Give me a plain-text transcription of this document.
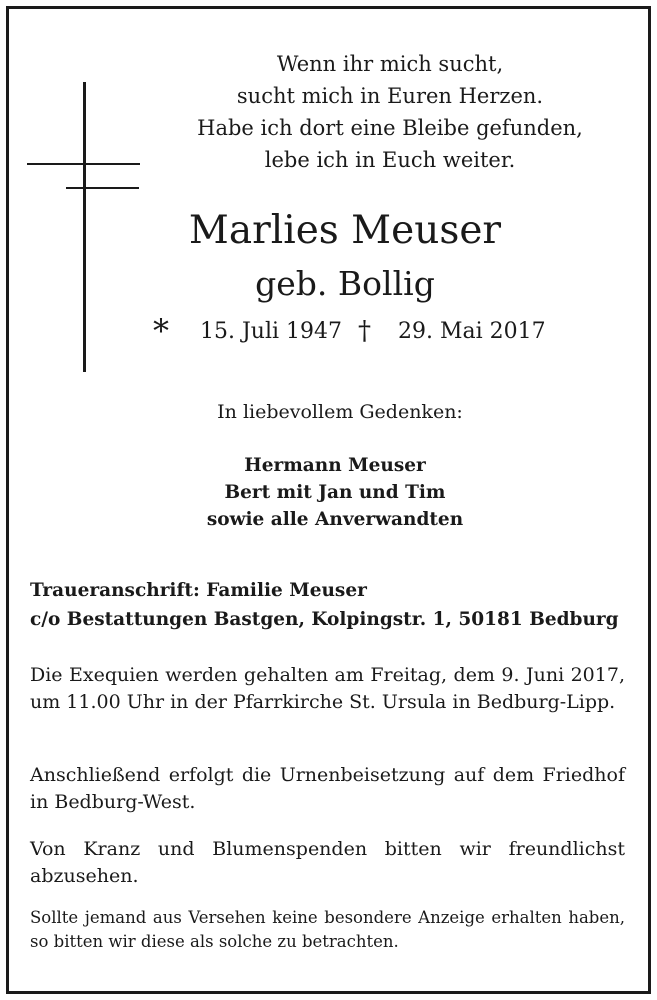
Wenn ihr mich sucht,
sucht mich in Euren Herzen.
Habe ich dort eine Bleibe gefunden,
lebe ich in Euch weiter.
Marlies Meuser
geb. Bollig
* 15. Juli 1947 † 29. Mai 2017
In liebevollem Gedenken:
Hermann Meuser
Bert mit Jan und Tim
sowie alle Anverwandten
Traueranschrift: Familie Meuser
c/o Bestattungen Bastgen, Kolpingstr. 1, 50181 Bedburg
Die Exequien werden gehalten am Freitag, dem 9. Juni 2017, um 11.00 Uhr in der Pfarrkirche St. Ursula in Bedburg-Lipp.
Anschließend erfolgt die Urnenbeisetzung auf dem Friedhof in Bedburg-West.
Von Kranz und Blumenspenden bitten wir freundlichst abzusehen.
Sollte jemand aus Versehen keine besondere Anzeige erhalten haben, so bitten wir diese als solche zu betrachten.
